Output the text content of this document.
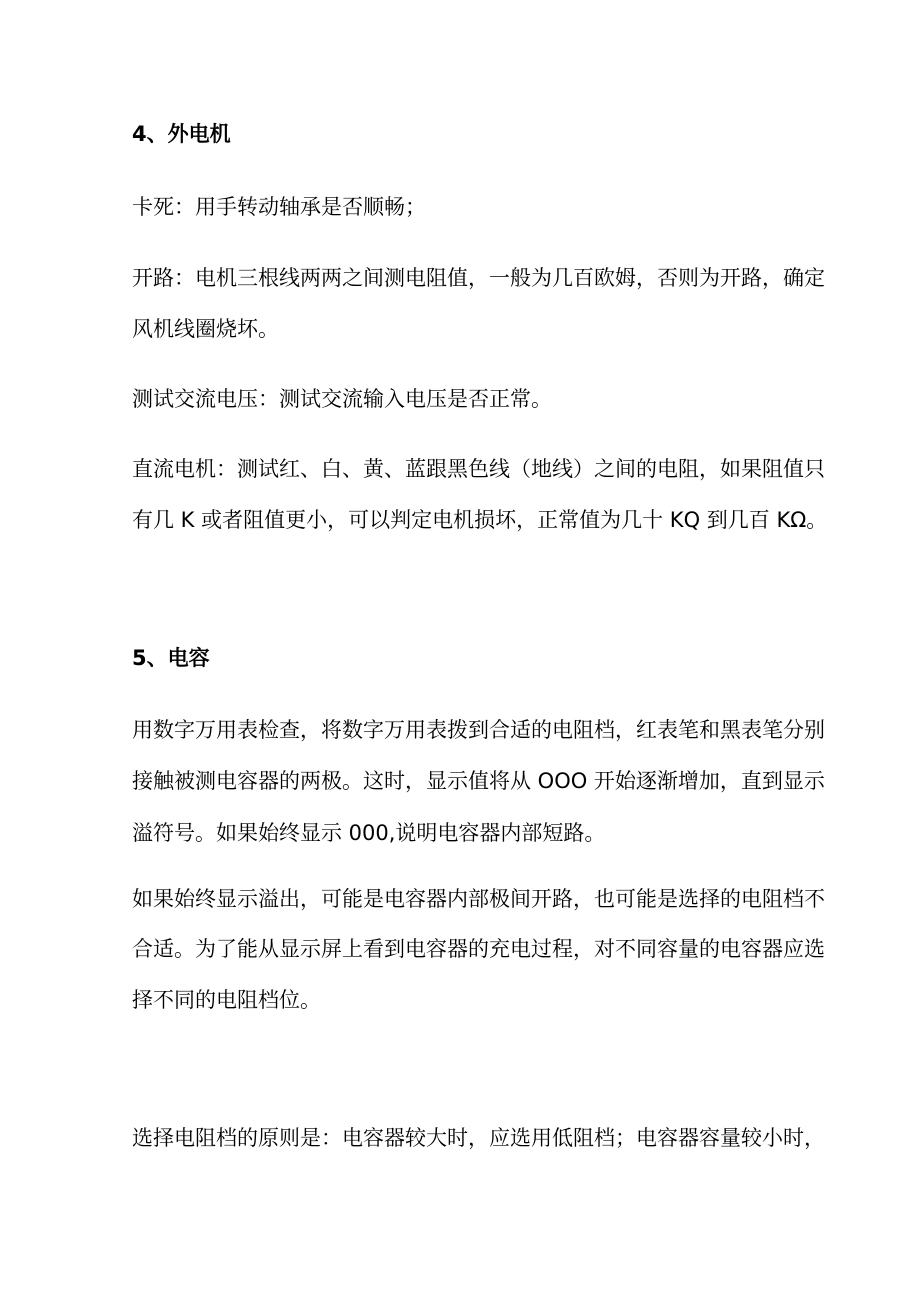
4、外电机
卡死：用手转动轴承是否顺畅；
开路：电机三根线两两之间测电阻值，一般为几百欧姆，否则为开路，确定
风机线圈烧坏。
测试交流电压：测试交流输入电压是否正常。
直流电机：测试红、白、黄、蓝跟黑色线（地线）之间的电阻，如果阻值只
有几 K 或者阻值更小，可以判定电机损坏，正常值为几十 KQ 到几百 KΩ。
5、电容
用数字万用表检查，将数字万用表拨到合适的电阻档，红表笔和黑表笔分别
接触被测电容器的两极。这时，显示值将从 OOO 开始逐渐增加，直到显示
溢符号。如果始终显示 000,说明电容器内部短路。
如果始终显示溢出，可能是电容器内部极间开路，也可能是选择的电阻档不
合适。为了能从显示屏上看到电容器的充电过程，对不同容量的电容器应选
择不同的电阻档位。
选择电阻档的原则是：电容器较大时，应选用低阻档；电容器容量较小时，
